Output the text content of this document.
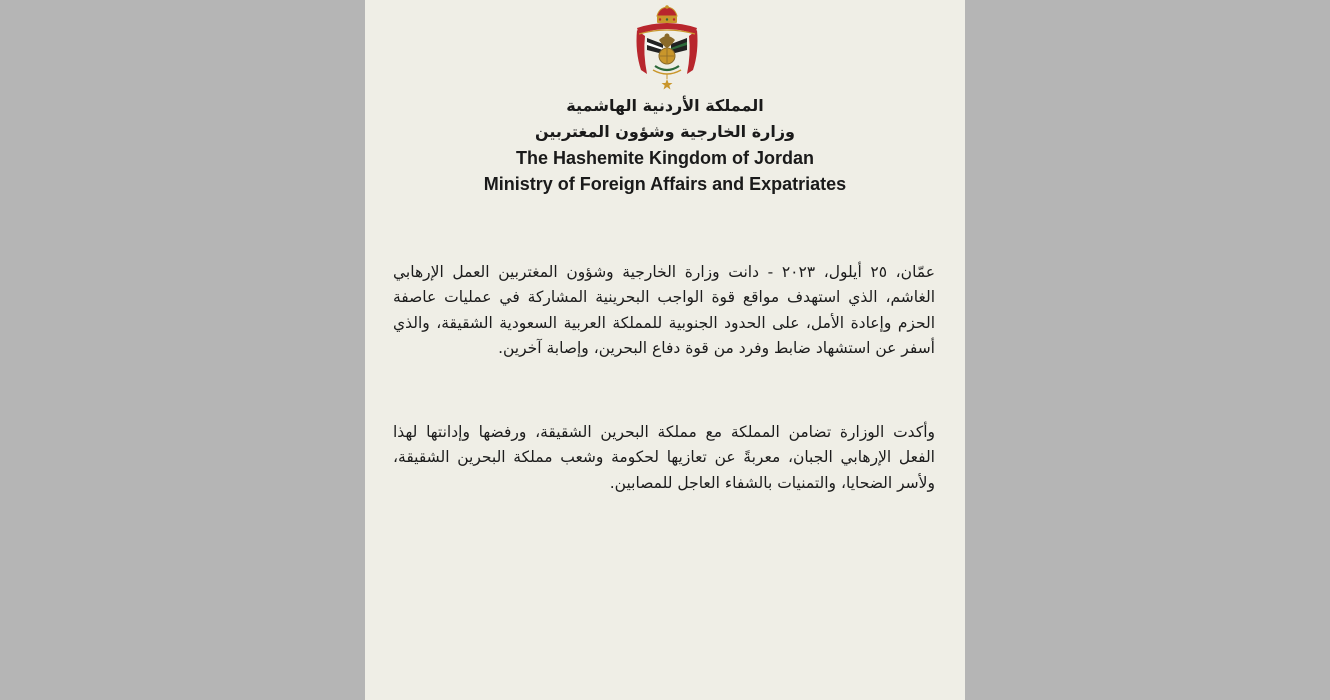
المملكة الأردنية الهاشمية
وزارة الخارجية وشؤون المغتربين
The Hashemite Kingdom of Jordan
Ministry of Foreign Affairs and Expatriates

عمّان، ٢٥ أيلول، ٢٠٢٣ - دانت وزارة الخارجية وشؤون المغتربين العمل الإرهابي الغاشم، الذي استهدف مواقع قوة الواجب البحرينية المشاركة في عمليات عاصفة الحزم وإعادة الأمل، على الحدود الجنوبية للمملكة العربية السعودية الشقيقة، والذي أسفر عن استشهاد ضابط وفرد من قوة دفاع البحرين، وإصابة آخرين.

وأكدت الوزارة تضامن المملكة مع مملكة البحرين الشقيقة، ورفضها وإدانتها لهذا الفعل الإرهابي الجبان، معربةً عن تعازيها لحكومة وشعب مملكة البحرين الشقيقة، ولأسر الضحايا، والتمنيات بالشفاء العاجل للمصابين.
